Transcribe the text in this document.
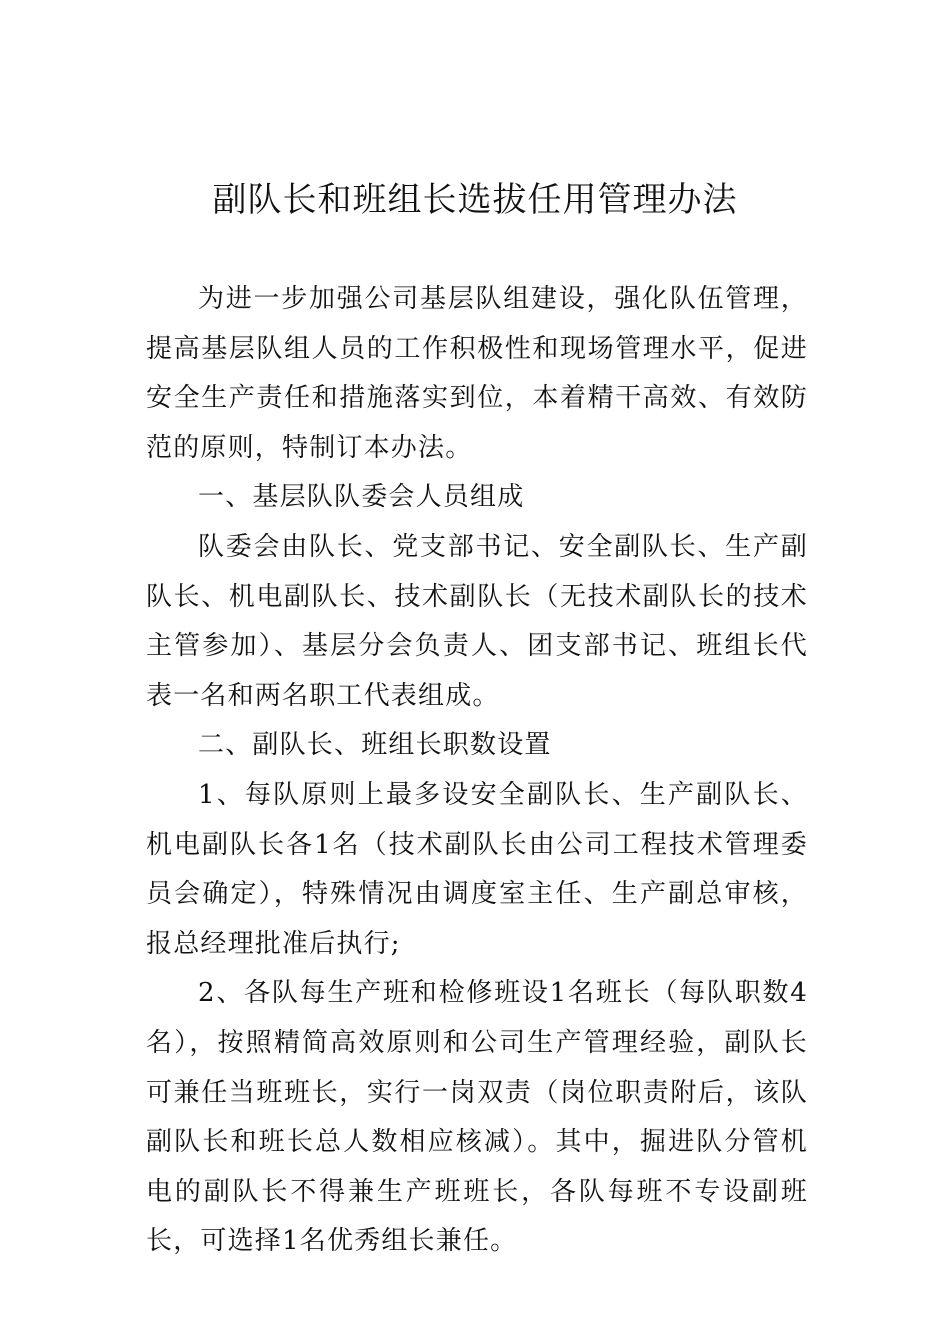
副队长和班组长选拔任用管理办法

为进一步加强公司基层队组建设，强化队伍管理，提高基层队组人员的工作积极性和现场管理水平，促进安全生产责任和措施落实到位，本着精干高效、有效防范的原则，特制订本办法。

一、基层队队委会人员组成

队委会由队长、党支部书记、安全副队长、生产副队长、机电副队长、技术副队长（无技术副队长的技术主管参加）、基层分会负责人、团支部书记、班组长代表一名和两名职工代表组成。

二、副队长、班组长职数设置

1、每队原则上最多设安全副队长、生产副队长、机电副队长各1名（技术副队长由公司工程技术管理委员会确定），特殊情况由调度室主任、生产副总审核，报总经理批准后执行;

2、各队每生产班和检修班设1名班长（每队职数4名），按照精简高效原则和公司生产管理经验，副队长可兼任当班班长，实行一岗双责（岗位职责附后，该队副队长和班长总人数相应核减）。其中，掘进队分管机电的副队长不得兼生产班班长，各队每班不专设副班长，可选择1名优秀组长兼任。
